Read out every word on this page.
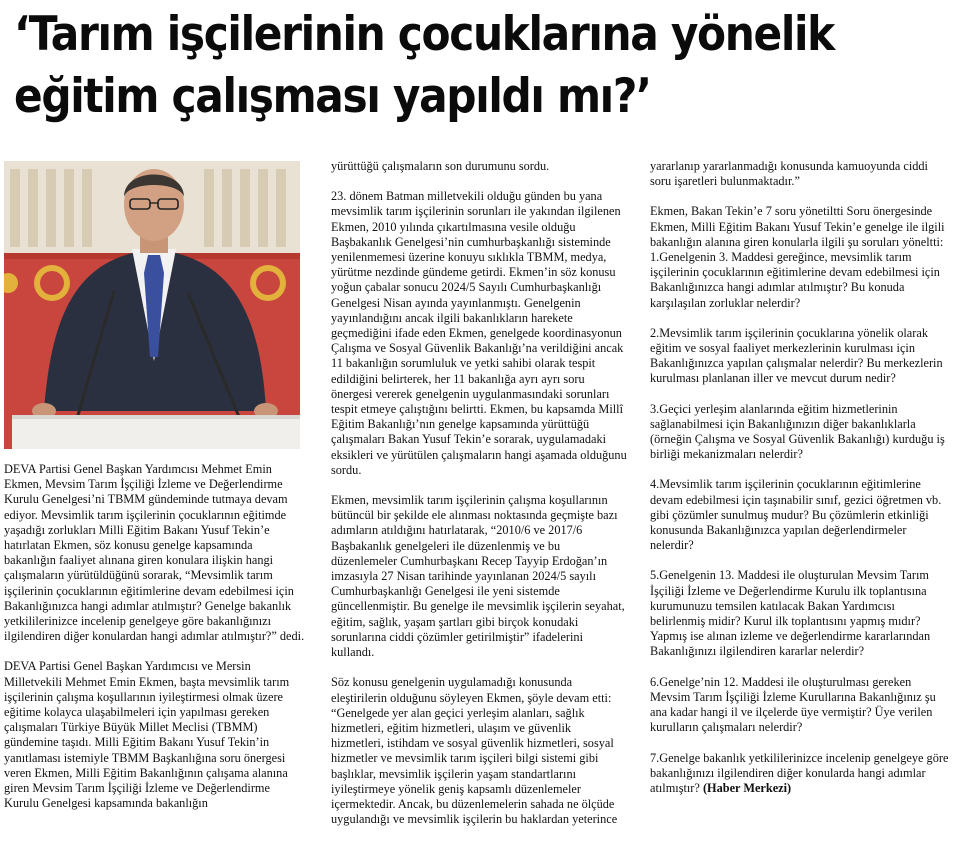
‘Tarım işçilerinin çocuklarına yönelik
eğitim çalışması yapıldı mı?’

DEVA Partisi Genel Başkan Yardımcısı Mehmet Emin Ekmen, Mevsim Tarım İşçiliği İzleme ve Değerlendirme Kurulu Genelgesi’ni TBMM gündeminde tutmaya devam ediyor. Mevsimlik tarım işçilerinin çocuklarının eğitimde yaşadığı zorlukları Milli Eğitim Bakanı Yusuf Tekin’e hatırlatan Ekmen, söz konusu genelge kapsamında bakanlığın faaliyet alınana giren konulara ilişkin hangi çalışmaların yürütüldüğünü sorarak, “Mevsimlik tarım işçilerinin çocuklarının eğitimlerine devam edebilmesi için Bakanlığınızca hangi adımlar atılmıştır? Genelge bakanlık yetkililerinizce incelenip genelgeye göre bakanlığınızı ilgilendiren diğer konulardan hangi adımlar atılmıştır?” dedi.

DEVA Partisi Genel Başkan Yardımcısı ve Mersin Milletvekili Mehmet Emin Ekmen, başta mevsimlik tarım işçilerinin çalışma koşullarının iyileştirmesi olmak üzere eğitime kolayca ulaşabilmeleri için yapılması gereken çalışmaları Türkiye Büyük Millet Meclisi (TBMM) gündemine taşıdı. Milli Eğitim Bakanı Yusuf Tekin’in yanıtlaması istemiyle TBMM Başkanlığına soru önergesi veren Ekmen, Milli Eğitim Bakanlığının çalışama alanına giren Mevsim Tarım İşçiliği İzleme ve Değerlendirme Kurulu Genelgesi kapsamında bakanlığın

yürüttüğü çalışmaların son durumunu sordu.

23. dönem Batman milletvekili olduğu günden bu yana mevsimlik tarım işçilerinin sorunları ile yakından ilgilenen Ekmen, 2010 yılında çıkartılmasına vesile olduğu Başbakanlık Genelgesi’nin cumhurbaşkanlığı sisteminde yenilenmemesi üzerine konuyu sıklıkla TBMM, medya, yürütme nezdinde gündeme getirdi. Ekmen’in söz konusu yoğun çabalar sonucu 2024/5 Sayılı Cumhurbaşkanlığı Genelgesi Nisan ayında yayınlanmıştı. Genelgenin yayınlandığını ancak ilgili bakanlıkların harekete geçmediğini ifade eden Ekmen, genelgede koordinasyonun Çalışma ve Sosyal Güvenlik Bakanlığı’na verildiğini ancak 11 bakanlığın sorumluluk ve yetki sahibi olarak tespit edildiğini belirterek, her 11 bakanlığa ayrı ayrı soru önergesi vererek genelgenin uygulanmasındaki sorunları tespit etmeye çalıştığını belirtti. Ekmen, bu kapsamda Millî Eğitim Bakanlığı’nın genelge kapsamında yürüttüğü çalışmaları Bakan Yusuf Tekin’e sorarak, uygulamadaki eksikleri ve yürütülen çalışmaların hangi aşamada olduğunu sordu.

Ekmen, mevsimlik tarım işçilerinin çalışma koşullarının bütüncül bir şekilde ele alınması noktasında geçmişte bazı adımların atıldığını hatırlatarak, “2010/6 ve 2017/6 Başbakanlık genelgeleri ile düzenlenmiş ve bu düzenlemeler Cumhurbaşkanı Recep Tayyip Erdoğan’ın imzasıyla 27 Nisan tarihinde yayınlanan 2024/5 sayılı Cumhurbaşkanlığı Genelgesi ile yeni sistemde güncellenmiştir. Bu genelge ile mevsimlik işçilerin seyahat, eğitim, sağlık, yaşam şartları gibi birçok konudaki sorunlarına ciddi çözümler getirilmiştir” ifadelerini kullandı.

Söz konusu genelgenin uygulamadığı konusunda eleştirilerin olduğunu söyleyen Ekmen, şöyle devam etti: “Genelgede yer alan geçici yerleşim alanları, sağlık hizmetleri, eğitim hizmetleri, ulaşım ve güvenlik hizmetleri, istihdam ve sosyal güvenlik hizmetleri, sosyal hizmetler ve mevsimlik tarım işçileri bilgi sistemi gibi başlıklar, mevsimlik işçilerin yaşam standartlarını iyileştirmeye yönelik geniş kapsamlı düzenlemeler içermektedir. Ancak, bu düzenlemelerin sahada ne ölçüde uygulandığı ve mevsimlik işçilerin bu haklardan yeterince

yararlanıp yararlanmadığı konusunda kamuoyunda ciddi soru işaretleri bulunmaktadır.”

Ekmen, Bakan Tekin’e 7 soru yönetiltti Soru önergesinde Ekmen, Milli Eğitim Bakanı Yusuf Tekin’e genelge ile ilgili bakanlığın alanına giren konularla ilgili şu soruları yöneltti:

1.Genelgenin 3. Maddesi gereğince, mevsimlik tarım işçilerinin çocuklarının eğitimlerine devam edebilmesi için Bakanlığınızca hangi adımlar atılmıştır? Bu konuda karşılaşılan zorluklar nelerdir?

2.Mevsimlik tarım işçilerinin çocuklarına yönelik olarak eğitim ve sosyal faaliyet merkezlerinin kurulması için Bakanlığınızca yapılan çalışmalar nelerdir? Bu merkezlerin kurulması planlanan iller ve mevcut durum nedir?

3.Geçici yerleşim alanlarında eğitim hizmetlerinin sağlanabilmesi için Bakanlığınızın diğer bakanlıklarla (örneğin Çalışma ve Sosyal Güvenlik Bakanlığı) kurduğu iş birliği mekanizmaları nelerdir?

4.Mevsimlik tarım işçilerinin çocuklarının eğitimlerine devam edebilmesi için taşınabilir sınıf, gezici öğretmen vb. gibi çözümler sunulmuş mudur? Bu çözümlerin etkinliği konusunda Bakanlığınızca yapılan değerlendirmeler nelerdir?

5.Genelgenin 13. Maddesi ile oluşturulan Mevsim Tarım İşçiliği İzleme ve Değerlendirme Kurulu ilk toplantısına kurumunuzu temsilen katılacak Bakan Yardımcısı belirlenmiş midir? Kurul ilk toplantısını yapmış mıdır? Yapmış ise alınan izleme ve değerlendirme kararlarından Bakanlığınızı ilgilendiren kararlar nelerdir?

6.Genelge’nin 12. Maddesi ile oluşturulması gereken Mevsim Tarım İşçiliği İzleme Kurullarına Bakanlığınız şu ana kadar hangi il ve ilçelerde üye vermiştir? Üye verilen kurulların çalışmaları nelerdir?

7.Genelge bakanlık yetkililerinizce incelenip genelgeye göre bakanlığınızı ilgilendiren diğer konularda hangi adımlar atılmıştır? (Haber Merkezi)
